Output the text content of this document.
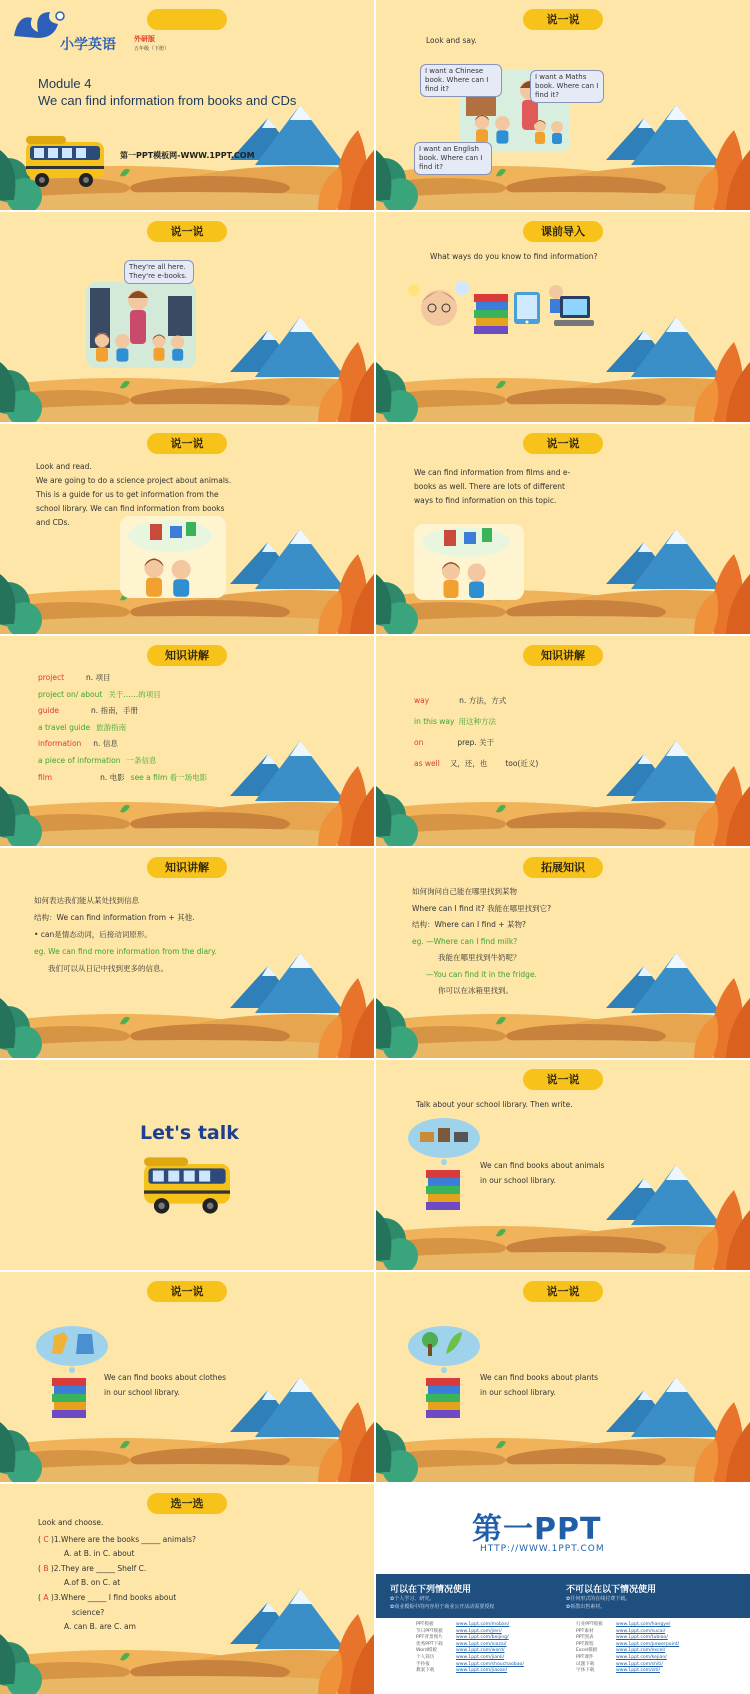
小学英语	外研版
五年级（下册）
Module 4
We can find information from books and CDs
第一PPT模板网-WWW.1PPT.COM
说一说
Look and say.
I want a Chinese book. Where can I find it?
I want a Maths book. Where can I find it?
I want an English book. Where can I find it?
说一说
They're all here. They're e-books.
课前导入
What ways do you know to find information?
说一说
Look and read.
We are going to do a science project about animals.
This is a guide for us to get information from the
school library. We can find information from books
and CDs.
说一说
We can find information from films and e-
books as well. There are lots of different
ways to find information on this topic.
知识讲解
project	n. 项目
project on/ about 关于……的项目
guide	n. 指南，手册
a travel guide 旅游指南
information n. 信息
a piece of information 一条信息
film	n. 电影 see a film 看一场电影
知识讲解
way	n. 方法，方式
in this way 用这种方法
on	prep. 关于
as well 又，还，也 too(近义)
知识讲解
如何表达我们能从某处找到信息
结构：We can find information from + 其他.
• can是情态动词，后接动词原形。
eg. We can find more information from the diary.
我们可以从日记中找到更多的信息。
拓展知识
如何询问自己能在哪里找到某物
Where can I find it? 我能在哪里找到它?
结构：Where can I find + 某物?
eg. —Where can I find milk?
我能在哪里找到牛奶呢？
—You can find it in the fridge.
你可以在冰箱里找到。
Let's talk
说一说
Talk about your school library. Then write.
We can find books about animals
in our school library.
说一说
We can find books about clothes
in our school library.
说一说
We can find books about plants
in our school library.
选一选
Look and choose.
( C )1.Where are the books _____ animals?
A. at B. in C. about
( B )2.They are _____ Shelf C.
A.of B. on C. at
( A )3.Where _____ I find books about
science?
A. can B. are C. am
第一PPT
HTTP://WWW.1PPT.COM
可以在下列情况使用
✿个人学习、研究。
✿商业模板中的内容用于商业公开活动需要授权
不可以在以下情况使用
✿任何形式的在线付费下载。
✿拆散出售素材。
PPT模板	www.1ppt.com/moban/
节日PPT模板	www.1ppt.com/jieri/
PPT背景图片	www.1ppt.com/beijing/
优秀PPT下载	www.1ppt.com/xiazai/
Word模板	www.1ppt.com/word/
个人简历	www.1ppt.com/jianli/
手抄报	www.1ppt.com/shouchaobao/
教案下载	www.1ppt.com/jiaoan/
行业PPT模板	www.1ppt.com/hangye/
PPT素材	www.1ppt.com/sucai/
PPT图表	www.1ppt.com/tubiao/
PPT教程	www.1ppt.com/powerpoint/
Excel模板	www.1ppt.com/excel/
PPT课件	www.1ppt.com/kejian/
试题下载	www.1ppt.com/shiti/
字体下载	www.1ppt.com/ziti/
